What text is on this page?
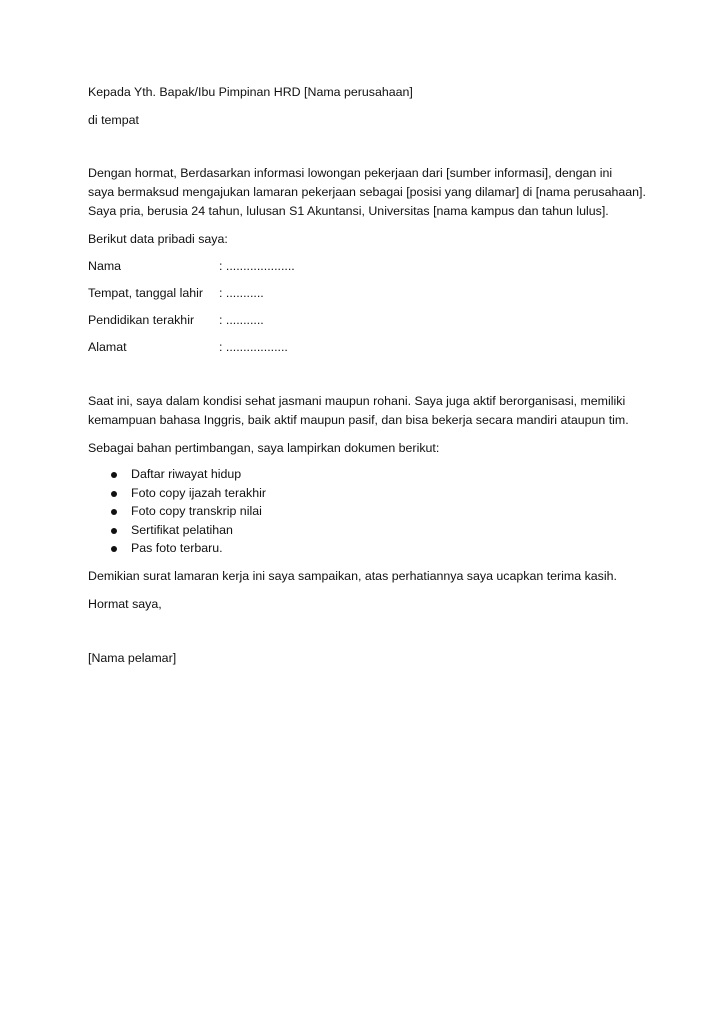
Kepada Yth. Bapak/Ibu Pimpinan HRD [Nama perusahaan]
di tempat
Dengan hormat, Berdasarkan informasi lowongan pekerjaan dari [sumber informasi], dengan ini
saya bermaksud mengajukan lamaran pekerjaan sebagai [posisi yang dilamar] di [nama perusahaan].
Saya pria, berusia 24 tahun, lulusan S1 Akuntansi, Universitas [nama kampus dan tahun lulus].
Berikut data pribadi saya:
Nama	: ....................
Tempat, tanggal lahir	: ...........
Pendidikan terakhir	: ...........
Alamat	: ..................
Saat ini, saya dalam kondisi sehat jasmani maupun rohani. Saya juga aktif berorganisasi, memiliki
kemampuan bahasa Inggris, baik aktif maupun pasif, dan bisa bekerja secara mandiri ataupun tim.
Sebagai bahan pertimbangan, saya lampirkan dokumen berikut:
Daftar riwayat hidup
Foto copy ijazah terakhir
Foto copy transkrip nilai
Sertifikat pelatihan
Pas foto terbaru.
Demikian surat lamaran kerja ini saya sampaikan, atas perhatiannya saya ucapkan terima kasih.
Hormat saya,
[Nama pelamar]
